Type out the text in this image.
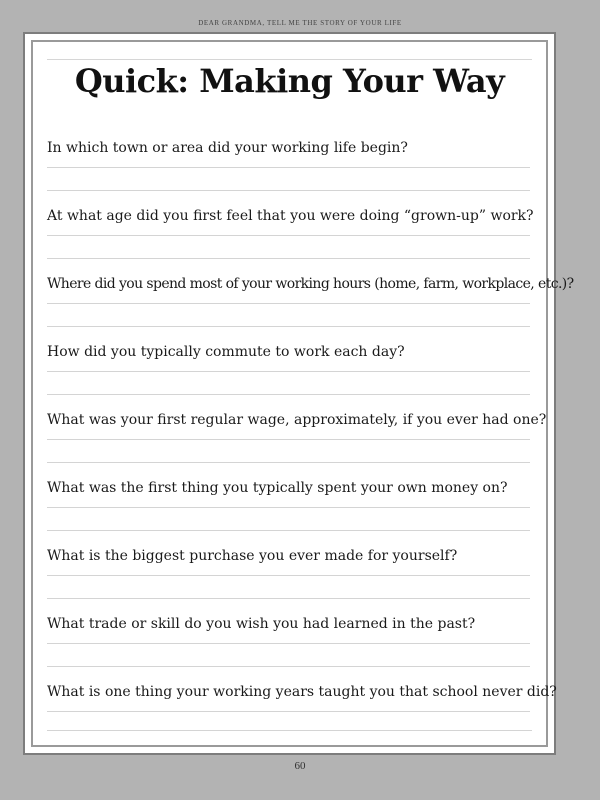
DEAR GRANDMA, TELL ME THE STORY OF YOUR LIFE
Quick: Making Your Way
In which town or area did your working life begin?
At what age did you first feel that you were doing “grown-up” work?
Where did you spend most of your working hours (home, farm, workplace, etc.)?
How did you typically commute to work each day?
What was your first regular wage, approximately, if you ever had one?
What was the first thing you typically spent your own money on?
What is the biggest purchase you ever made for yourself?
What trade or skill do you wish you had learned in the past?
What is one thing your working years taught you that school never did?
60
